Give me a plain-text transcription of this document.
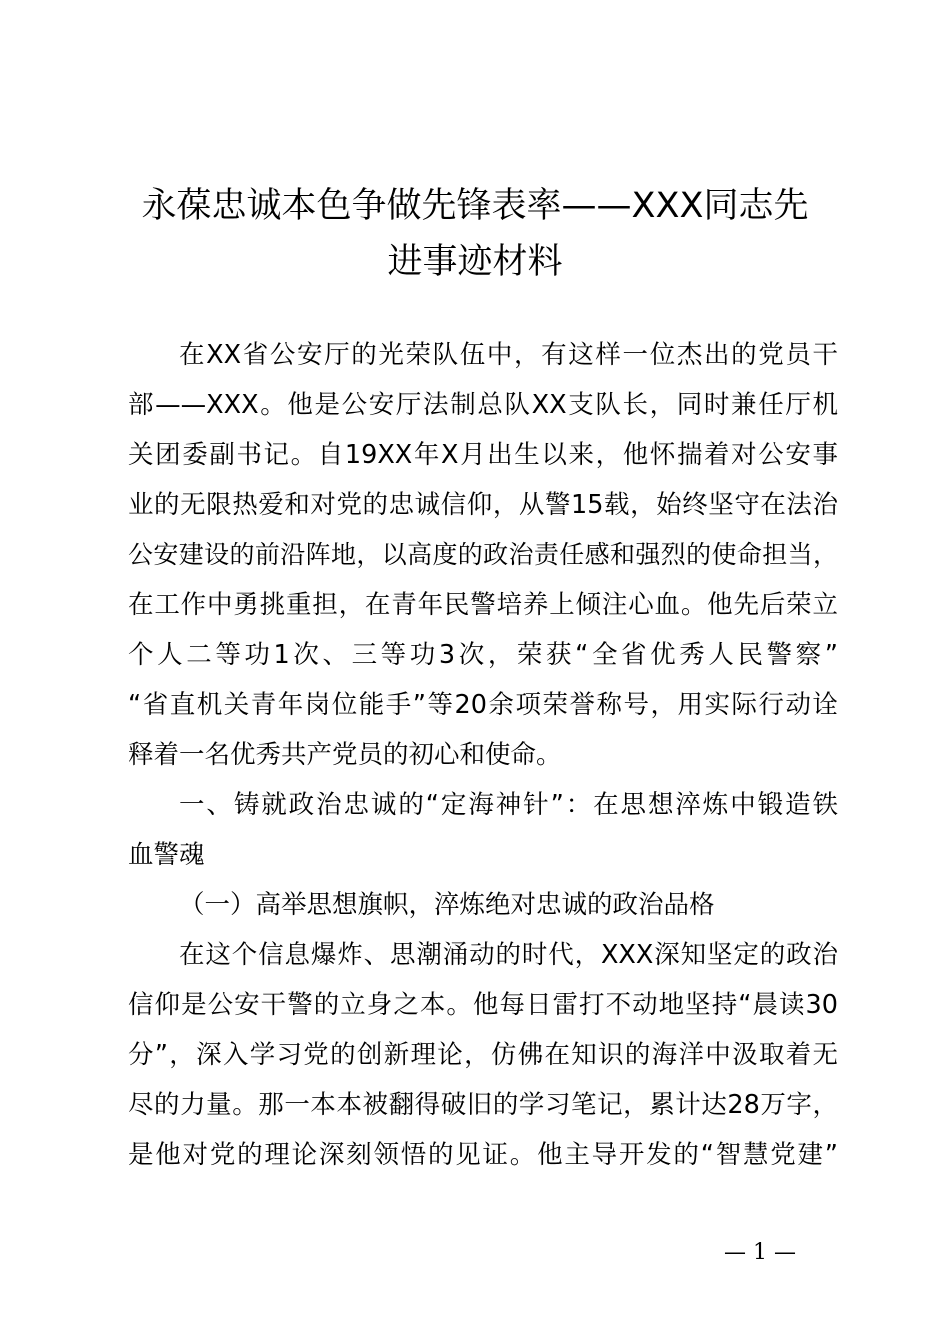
永葆忠诚本色争做先锋表率——XXX同志先
进事迹材料
在XX省公安厅的光荣队伍中，有这样一位杰出的党员干
部——XXX。他是公安厅法制总队XX支队长，同时兼任厅机
关团委副书记。自19XX年X月出生以来，他怀揣着对公安事
业的无限热爱和对党的忠诚信仰，从警15载，始终坚守在法治
公安建设的前沿阵地，以高度的政治责任感和强烈的使命担当，
在工作中勇挑重担，在青年民警培养上倾注心血。他先后荣立
个人二等功1次、三等功3次，荣获“全省优秀人民警察”
“省直机关青年岗位能手”等20余项荣誉称号，用实际行动诠
释着一名优秀共产党员的初心和使命。
一、铸就政治忠诚的“定海神针”：在思想淬炼中锻造铁
血警魂
（一）高举思想旗帜，淬炼绝对忠诚的政治品格
在这个信息爆炸、思潮涌动的时代，XXX深知坚定的政治
信仰是公安干警的立身之本。他每日雷打不动地坚持“晨读30
分”，深入学习党的创新理论，仿佛在知识的海洋中汲取着无
尽的力量。那一本本被翻得破旧的学习笔记，累计达28万字，
是他对党的理论深刻领悟的见证。他主导开发的“智慧党建”
— 1 —
